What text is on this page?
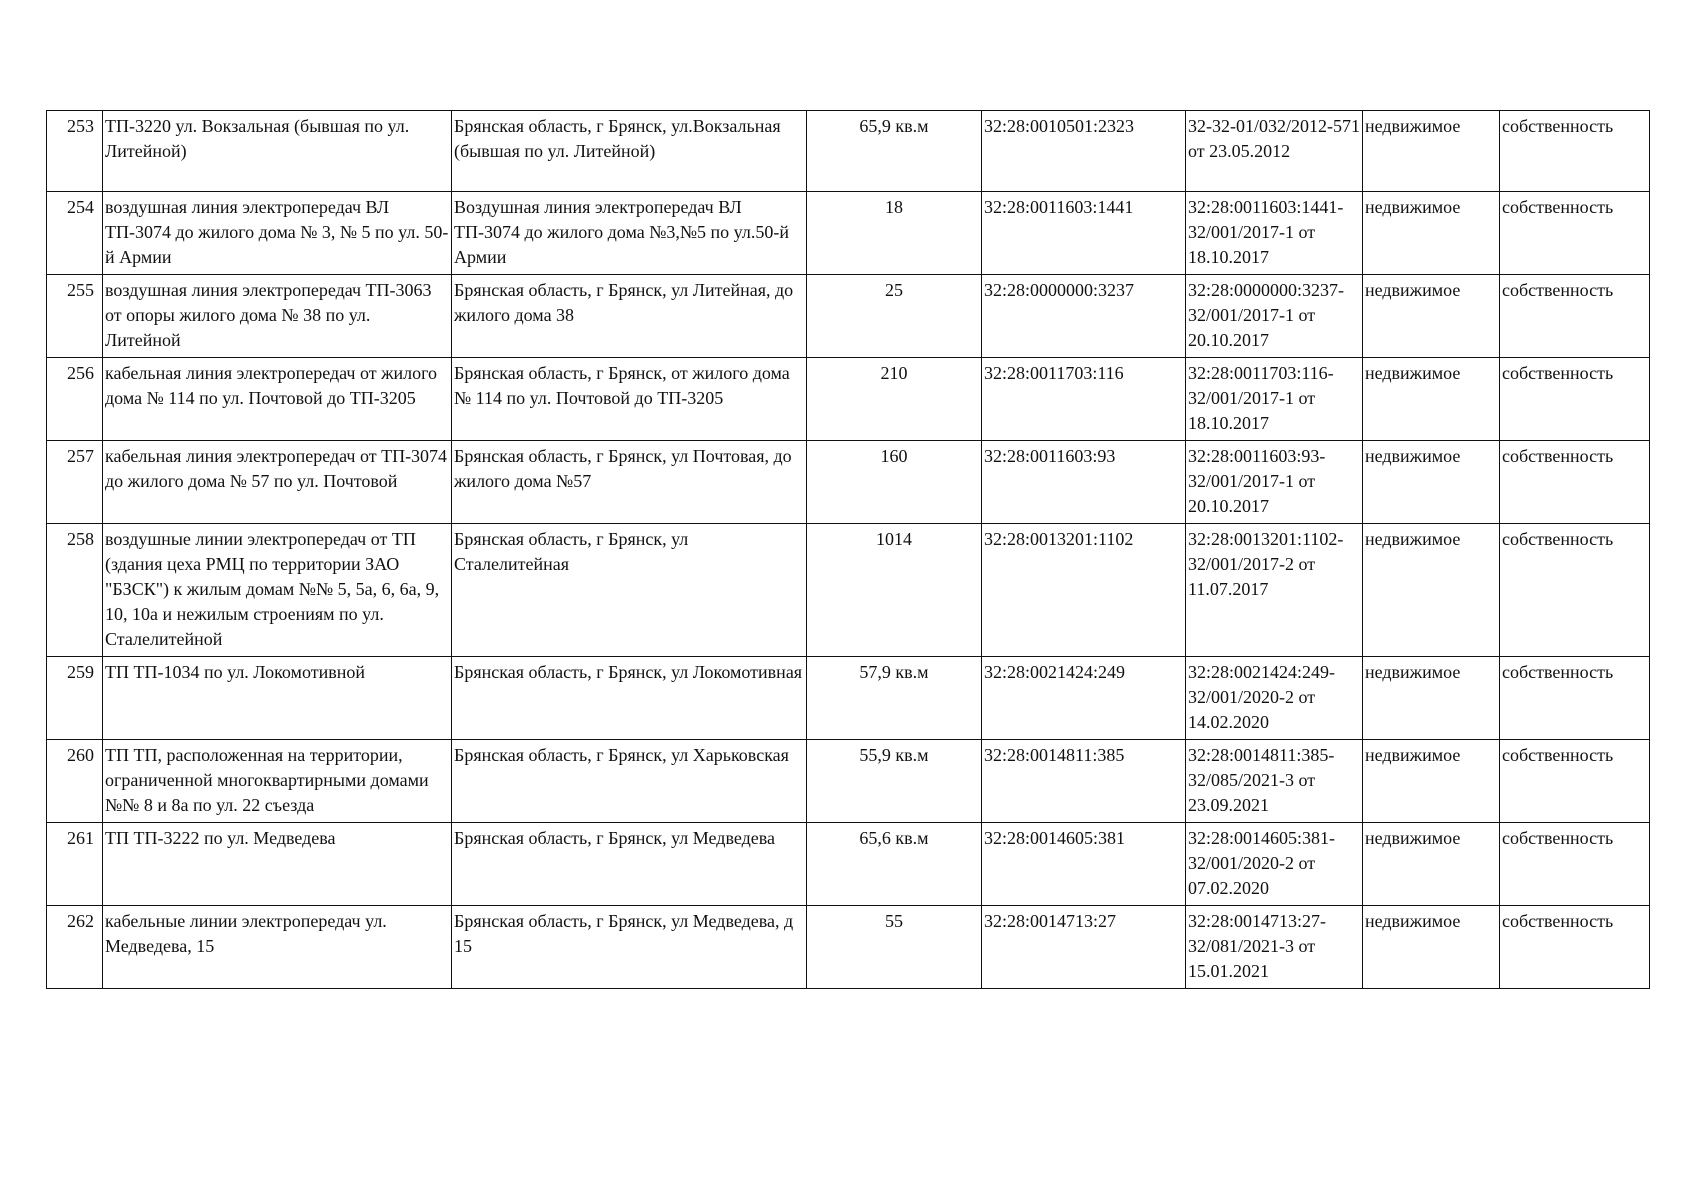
253	ТП-3220 ул. Вокзальная (бывшая по ул. Литейной)	Брянская область, г Брянск, ул.Вокзальная (бывшая по ул. Литейной)	65,9 кв.м	32:28:0010501:2323	32-32-01/032/2012-571 от 23.05.2012	недвижимое	собственность

254	воздушная линия электропередач ВЛ ТП-3074 до жилого дома № 3, № 5 по ул. 50-й Армии	Воздушная линия электропередач ВЛ ТП-3074 до жилого дома №3,№5 по ул.50-й Армии	18	32:28:0011603:1441	32:28:0011603:1441-32/001/2017-1 от 18.10.2017	недвижимое	собственность

255	воздушная линия электропередач ТП-3063 от опоры жилого дома № 38 по ул. Литейной	Брянская область, г Брянск, ул Литейная, до жилого дома 38	25	32:28:0000000:3237	32:28:0000000:3237-32/001/2017-1 от 20.10.2017	недвижимое	собственность

256	кабельная линия электропередач от жилого дома № 114 по ул. Почтовой до ТП-3205	Брянская область, г Брянск, от жилого дома № 114 по ул. Почтовой до ТП-3205	210	32:28:0011703:116	32:28:0011703:116-32/001/2017-1 от 18.10.2017	недвижимое	собственность

257	кабельная линия электропередач от ТП-3074 до жилого дома № 57 по ул. Почтовой	Брянская область, г Брянск, ул Почтовая, до жилого дома №57	160	32:28:0011603:93	32:28:0011603:93-32/001/2017-1 от 20.10.2017	недвижимое	собственность

258	воздушные линии электропередач от ТП (здания цеха РМЦ по территории ЗАО "БЗСК") к жилым домам №№ 5, 5а, 6, 6а, 9, 10, 10а и нежилым строениям по ул. Сталелитейной	Брянская область, г Брянск, ул Сталелитейная	1014	32:28:0013201:1102	32:28:0013201:1102-32/001/2017-2 от 11.07.2017	недвижимое	собственность

259	ТП ТП-1034 по ул. Локомотивной	Брянская область, г Брянск, ул Локомотивная	57,9 кв.м	32:28:0021424:249	32:28:0021424:249-32/001/2020-2 от 14.02.2020	недвижимое	собственность

260	ТП ТП, расположенная на территории, ограниченной многоквартирными домами №№ 8 и 8а по ул. 22 съезда	Брянская область, г Брянск, ул Харьковская	55,9 кв.м	32:28:0014811:385	32:28:0014811:385-32/085/2021-3 от 23.09.2021	недвижимое	собственность

261	ТП ТП-3222 по ул. Медведева	Брянская область, г Брянск, ул Медведева	65,6 кв.м	32:28:0014605:381	32:28:0014605:381-32/001/2020-2 от 07.02.2020	недвижимое	собственность

262	кабельные линии электропередач ул. Медведева, 15	Брянская область, г Брянск, ул Медведева, д 15	55	32:28:0014713:27	32:28:0014713:27-32/081/2021-3 от 15.01.2021	недвижимое	собственность
